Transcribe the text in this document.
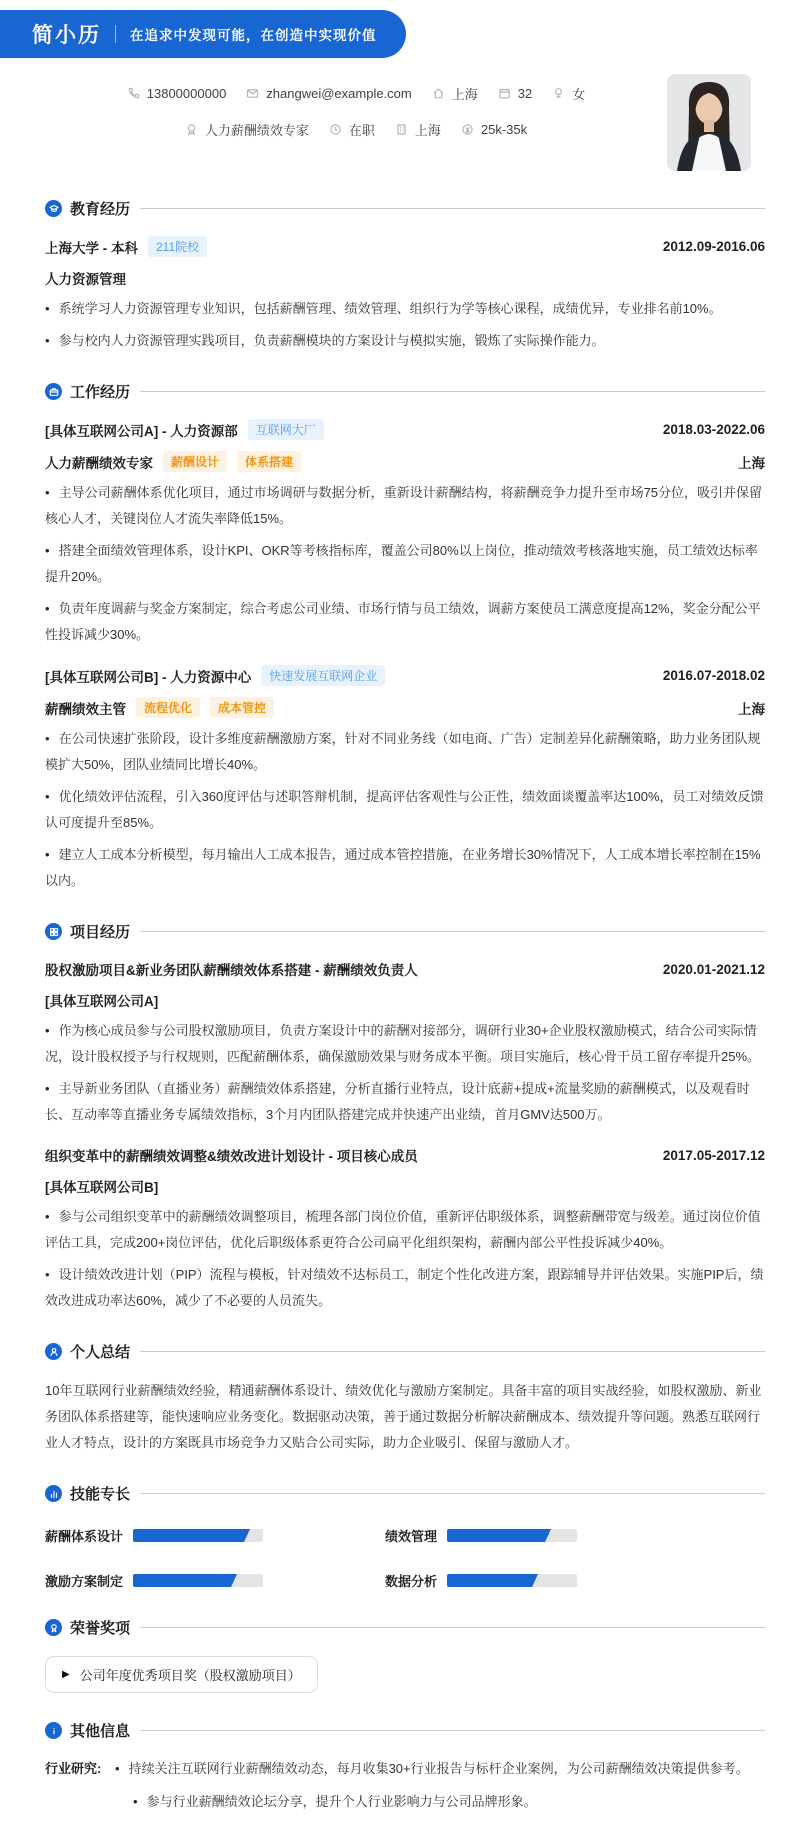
简小历 在追求中发现可能，在创造中实现价值
13800000000	zhangwei@example.com	上海	32	女
人力薪酬绩效专家	在职	上海	25k-35k
教育经历
上海大学 - 本科	211院校	2012.09-2016.06
人力资源管理

• 系统学习人力资源管理专业知识，包括薪酬管理、绩效管理、组织行为学等核心课程，成绩优异，专业排名前10%。

• 参与校内人力资源管理实践项目，负责薪酬模块的方案设计与模拟实施，锻炼了实际操作能力。

工作经历
[具体互联网公司A] - 人力资源部	互联网大厂	2018.03-2022.06
人力薪酬绩效专家	薪酬设计	体系搭建	上海

• 主导公司薪酬体系优化项目，通过市场调研与数据分析，重新设计薪酬结构，将薪酬竞争力提升至市场75分位，吸引并保留核心人才，关键岗位人才流失率降低15%。

• 搭建全面绩效管理体系，设计KPI、OKR等考核指标库，覆盖公司80%以上岗位，推动绩效考核落地实施，员工绩效达标率提升20%。

• 负责年度调薪与奖金方案制定，综合考虑公司业绩、市场行情与员工绩效，调薪方案使员工满意度提高12%，奖金分配公平性投诉减少30%。

[具体互联网公司B] - 人力资源中心	快速发展互联网企业	2016.07-2018.02
薪酬绩效主管	流程优化	成本管控	上海

• 在公司快速扩张阶段，设计多维度薪酬激励方案，针对不同业务线（如电商、广告）定制差异化薪酬策略，助力业务团队规模扩大50%，团队业绩同比增长40%。

• 优化绩效评估流程，引入360度评估与述职答辩机制，提高评估客观性与公正性，绩效面谈覆盖率达100%，员工对绩效反馈认可度提升至85%。

• 建立人工成本分析模型，每月输出人工成本报告，通过成本管控措施，在业务增长30%情况下，人工成本增长率控制在15%以内。

项目经历
股权激励项目&新业务团队薪酬绩效体系搭建 - 薪酬绩效负责人	2020.01-2021.12
[具体互联网公司A]

• 作为核心成员参与公司股权激励项目，负责方案设计中的薪酬对接部分，调研行业30+企业股权激励模式，结合公司实际情况，设计股权授予与行权规则，匹配薪酬体系，确保激励效果与财务成本平衡。项目实施后，核心骨干员工留存率提升25%。

• 主导新业务团队（直播业务）薪酬绩效体系搭建，分析直播行业特点，设计底薪+提成+流量奖励的薪酬模式，以及观看时长、互动率等直播业务专属绩效指标，3个月内团队搭建完成并快速产出业绩，首月GMV达500万。

组织变革中的薪酬绩效调整&绩效改进计划设计 - 项目核心成员	2017.05-2017.12
[具体互联网公司B]

• 参与公司组织变革中的薪酬绩效调整项目，梳理各部门岗位价值，重新评估职级体系，调整薪酬带宽与级差。通过岗位价值评估工具，完成200+岗位评估，优化后职级体系更符合公司扁平化组织架构，薪酬内部公平性投诉减少40%。

• 设计绩效改进计划（PIP）流程与模板，针对绩效不达标员工，制定个性化改进方案，跟踪辅导并评估效果。实施PIP后，绩效改进成功率达60%，减少了不必要的人员流失。

个人总结

10年互联网行业薪酬绩效经验，精通薪酬体系设计、绩效优化与激励方案制定。具备丰富的项目实战经验，如股权激励、新业务团队体系搭建等，能快速响应业务变化。数据驱动决策，善于通过数据分析解决薪酬成本、绩效提升等问题。熟悉互联网行业人才特点，设计的方案既具市场竞争力又贴合公司实际，助力企业吸引、保留与激励人才。

技能专长
薪酬体系设计	绩效管理
激励方案制定	数据分析
荣誉奖项
▶ 公司年度优秀项目奖（股权激励项目）
其他信息
行业研究:	• 持续关注互联网行业薪酬绩效动态，每月收集30+行业报告与标杆企业案例，为公司薪酬绩效决策提供参考。

• 参与行业薪酬绩效论坛分享，提升个人行业影响力与公司品牌形象。
